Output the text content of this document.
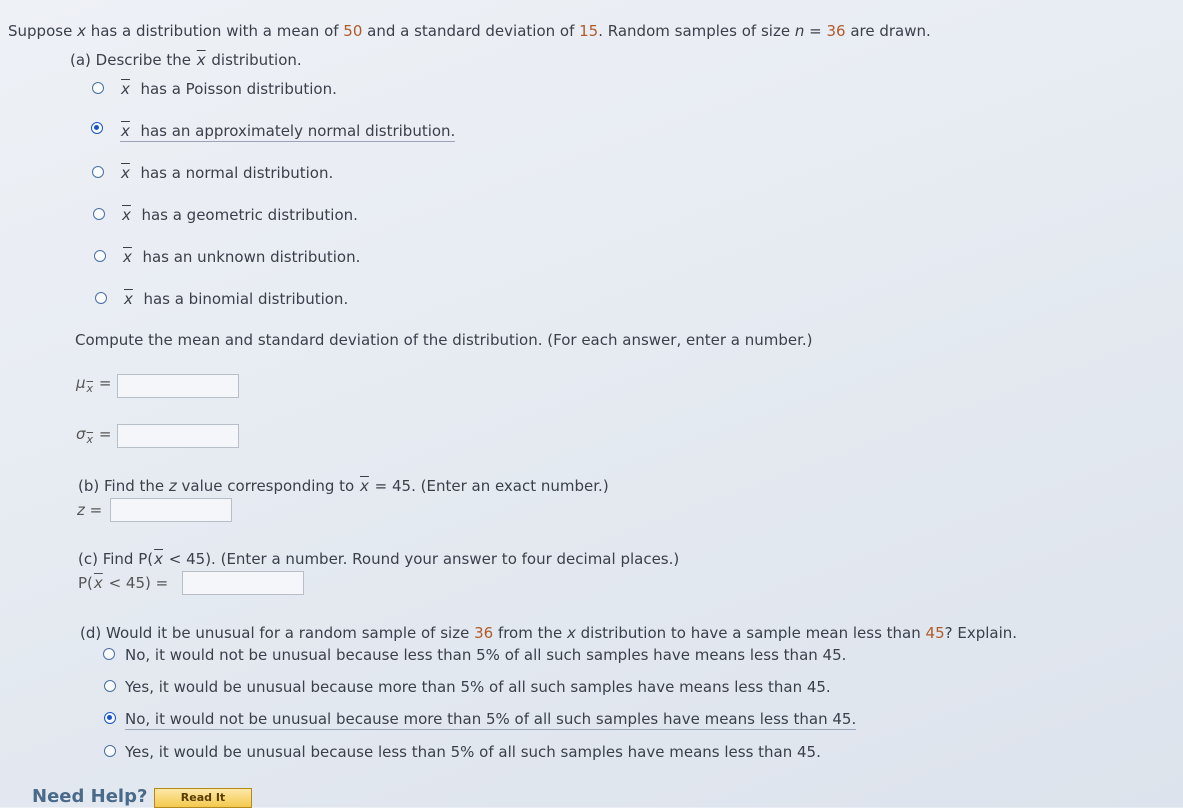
Suppose x has a distribution with a mean of 50 and a standard deviation of 15. Random samples of size n = 36 are drawn.
(a) Describe the $\overline{x}$ distribution.
$\overline{x}$ has a Poisson distribution.
$\overline{x}$ has an approximately normal distribution.
$\overline{x}$ has a normal distribution.
$\overline{x}$ has a geometric distribution.
$\overline{x}$ has an unknown distribution.
$\overline{x}$ has a binomial distribution.
Compute the mean and standard deviation of the distribution. (For each answer, enter a number.)
$\mu_{\overline{x}}$ =
$\sigma_{\overline{x}}$ =
(b) Find the z value corresponding to $\overline{x} = 45$. (Enter an exact number.)
z =
(c) Find $P(\overline{x} < 45)$. (Enter a number. Round your answer to four decimal places.)
$P(\overline{x} < 45)$ =
(d) Would it be unusual for a random sample of size 36 from the x distribution to have a sample mean less than 45? Explain.
No, it would not be unusual because less than 5% of all such samples have means less than 45.
Yes, it would be unusual because more than 5% of all such samples have means less than 45.
No, it would not be unusual because more than 5% of all such samples have means less than 45.
Yes, it would be unusual because less than 5% of all such samples have means less than 45.
Need Help?	Read It
